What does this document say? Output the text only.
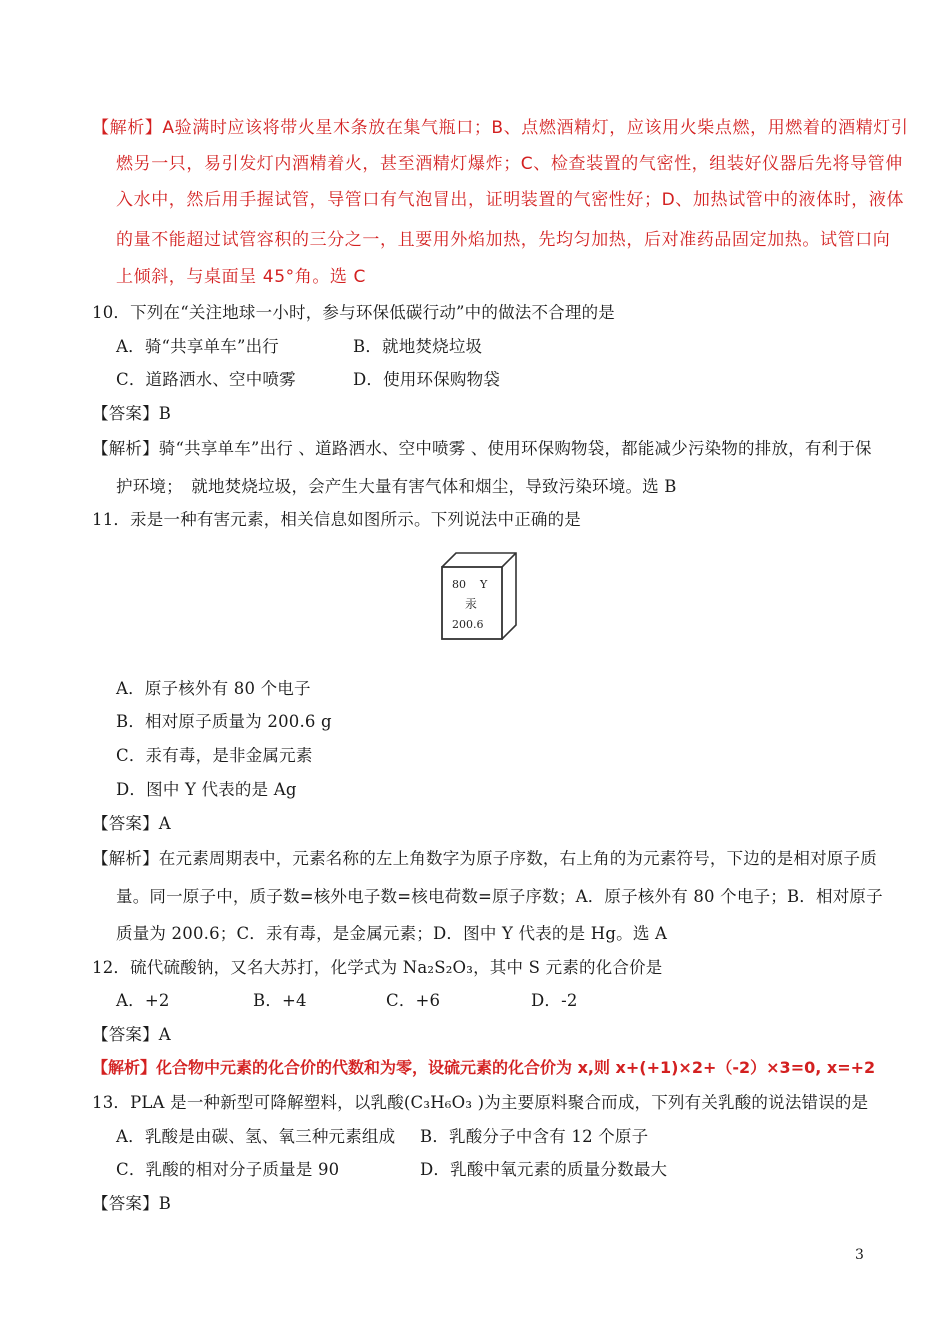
【解析】A验满时应该将带火星木条放在集气瓶口；B、点燃酒精灯，应该用火柴点燃，用燃着的酒精灯引
燃另一只，易引发灯内酒精着火，甚至酒精灯爆炸；C、检查装置的气密性，组装好仪器后先将导管伸
入水中，然后用手握试管，导管口有气泡冒出，证明装置的气密性好；D、加热试管中的液体时，液体
的量不能超过试管容积的三分之一，且要用外焰加热，先均匀加热，后对准药品固定加热。试管口向
上倾斜，与桌面呈 45°角。选 C
10．下列在“关注地球一小时，参与环保低碳行动”中的做法不合理的是
A．骑“共享单车”出行	B．就地焚烧垃圾
C．道路洒水、空中喷雾	D．使用环保购物袋
【答案】B
【解析】骑“共享单车”出行 、道路洒水、空中喷雾 、使用环保购物袋，都能减少污染物的排放，有利于保
护环境；　就地焚烧垃圾，会产生大量有害气体和烟尘，导致污染环境。选 B
11．汞是一种有害元素，相关信息如图所示。下列说法中正确的是
80 Y
汞
200.6
A．原子核外有 80 个电子
B．相对原子质量为 200.6 g
C．汞有毒，是非金属元素
D．图中 Y 代表的是 Ag
【答案】A
【解析】在元素周期表中，元素名称的左上角数字为原子序数，右上角的为元素符号，下边的是相对原子质
量。同一原子中，质子数=核外电子数=核电荷数=原子序数；A．原子核外有 80 个电子；B．相对原子
质量为 200.6；C．汞有毒，是金属元素；D．图中 Y 代表的是 Hg。选 A
12．硫代硫酸钠，又名大苏打，化学式为 Na₂S₂O₃，其中 S 元素的化合价是
A．+2	B．+4	C．+6	D．-2
【答案】A
【解析】化合物中元素的化合价的代数和为零，设硫元素的化合价为 x,则 x+(+1)×2+（-2）×3=0, x=+2
13．PLA 是一种新型可降解塑料，以乳酸(C₃H₆O₃ )为主要原料聚合而成，下列有关乳酸的说法错误的是
A．乳酸是由碳、氢、氧三种元素组成 B．乳酸分子中含有 12 个原子
C．乳酸的相对分子质量是 90	D．乳酸中氧元素的质量分数最大
【答案】B
3
